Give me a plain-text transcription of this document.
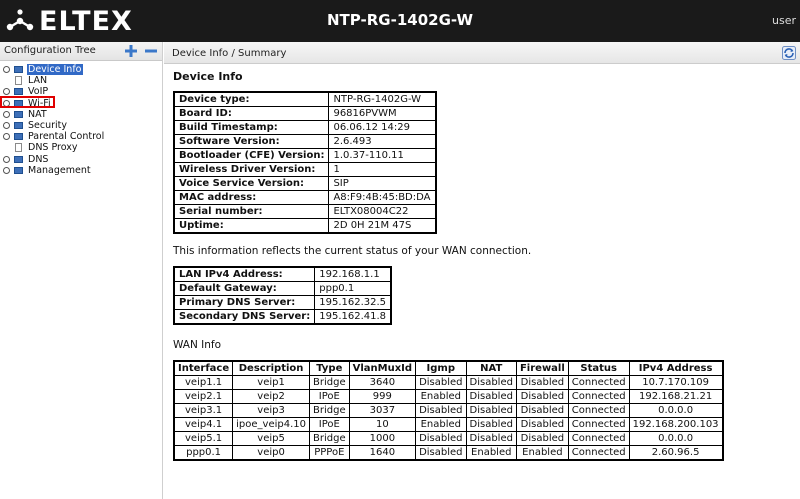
ELTEX	NTP-RG-1402G-W	user
Configuration Tree
Device Info
LAN
VoIP
Wi-Fi
NAT
Security
Parental Control
DNS Proxy
DNS
Management
Device Info / Summary
Device Info
Device type:	NTP-RG-1402G-W
Board ID:	96816PVWM
Build Timestamp:	06.06.12 14:29
Software Version:	2.6.493
Bootloader (CFE) Version:	1.0.37-110.11
Wireless Driver Version:	1
Voice Service Version:	SIP
MAC address:	A8:F9:4B:45:BD:DA
Serial number:	ELTX08004C22
Uptime:	2D 0H 21M 47S
This information reflects the current status of your WAN connection.
LAN IPv4 Address:	192.168.1.1
Default Gateway:	ppp0.1
Primary DNS Server:	195.162.32.5
Secondary DNS Server:	195.162.41.8
WAN Info
Interface	Description	Type	VlanMuxId	Igmp	NAT	Firewall	Status	IPv4 Address
veip1.1	veip1	Bridge	3640	Disabled	Disabled	Disabled	Connected	10.7.170.109
veip2.1	veip2	IPoE	999	Enabled	Disabled	Disabled	Connected	192.168.21.21
veip3.1	veip3	Bridge	3037	Disabled	Disabled	Disabled	Connected	0.0.0.0
veip4.1	ipoe_veip4.10	IPoE	10	Enabled	Disabled	Disabled	Connected	192.168.200.103
veip5.1	veip5	Bridge	1000	Disabled	Disabled	Disabled	Connected	0.0.0.0
ppp0.1	veip0	PPPoE	1640	Disabled	Enabled	Enabled	Connected	2.60.96.5
